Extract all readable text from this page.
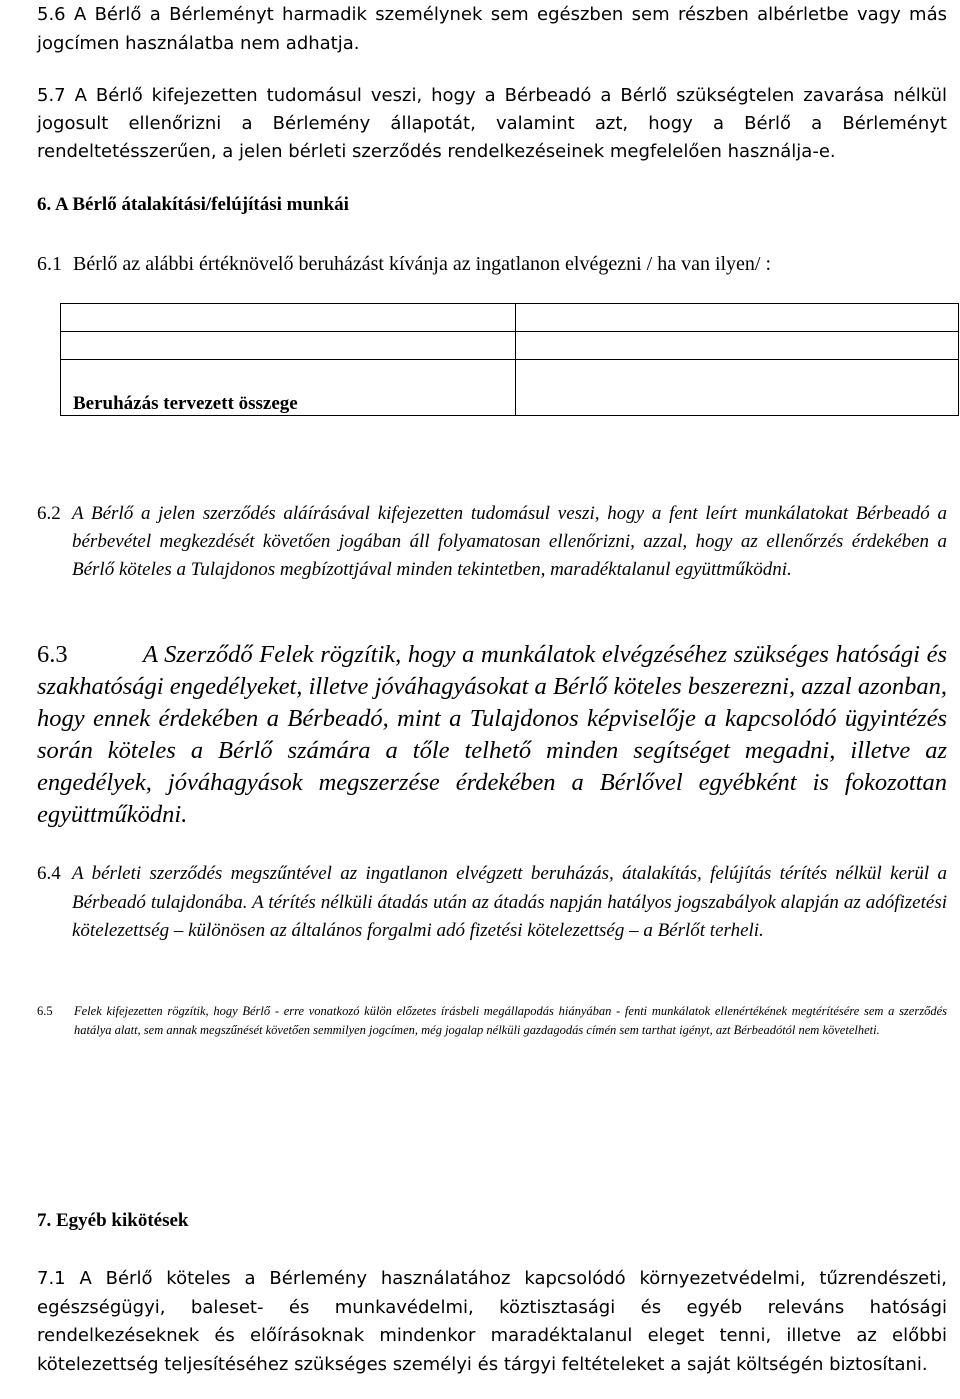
5.6 A Bérlő a Bérleményt harmadik személynek sem egészben sem részben albérletbe vagy más jogcímen használatba nem adhatja.

5.7 A Bérlő kifejezetten tudomásul veszi, hogy a Bérbeadó a Bérlő szükségtelen zavarása nélkül jogosult ellenőrizni a Bérlemény állapotát, valamint azt, hogy a Bérlő a Bérleményt rendeltetésszerűen, a jelen bérleti szerződés rendelkezéseinek megfelelően használja-e.

6. A Bérlő átalakítási/felújítási munkái
6.1 Bérlő az alábbi értéknövelő beruházást kívánja az ingatlanon elvégezni / ha van ilyen/ :

Beruházás tervezett összege	
6.2 A Bérlő a jelen szerződés aláírásával kifejezetten tudomásul veszi, hogy a fent leírt munkálatokat Bérbeadó a bérbevétel megkezdését követően jogában áll folyamatosan ellenőrizni, azzal, hogy az ellenőrzés érdekében a Bérlő köteles a Tulajdonos megbízottjával minden tekintetben, maradéktalanul együttműködni.

6.3	A Szerződő Felek rögzítik, hogy a munkálatok elvégzéséhez szükséges hatósági és szakhatósági engedélyeket, illetve jóváhagyásokat a Bérlő köteles beszerezni, azzal azonban, hogy ennek érdekében a Bérbeadó, mint a Tulajdonos képviselője a kapcsolódó ügyintézés során köteles a Bérlő számára a tőle telhető minden segítséget megadni, illetve az engedélyek, jóváhagyások megszerzése érdekében a Bérlővel egyébként is fokozottan együttműködni.

6.4 A bérleti szerződés megszűntével az ingatlanon elvégzett beruházás, átalakítás, felújítás térítés nélkül kerül a Bérbeadó tulajdonába. A térítés nélküli átadás után az átadás napján hatályos jogszabályok alapján az adófizetési kötelezettség – különösen az általános forgalmi adó fizetési kötelezettség – a Bérlőt terheli.
6.5 Felek kifejezetten rögzítik, hogy Bérlő - erre vonatkozó külön előzetes írásbeli megállapodás hiányában - fenti munkálatok ellenértékének megtérítésére sem a szerződés hatálya alatt, sem annak megszűnését követően semmilyen jogcímen, még jogalap nélküli gazdagodás címén sem tarthat igényt, azt Bérbeadótól nem követelheti.
7. Egyéb kikötések

7.1 A Bérlő köteles a Bérlemény használatához kapcsolódó környezetvédelmi, tűzrendészeti, egészségügyi, baleset- és munkavédelmi, köztisztasági és egyéb releváns hatósági rendelkezéseknek és előírásoknak mindenkor maradéktalanul eleget tenni, illetve az előbbi kötelezettség teljesítéséhez szükséges személyi és tárgyi feltételeket a saját költségén biztosítani.
